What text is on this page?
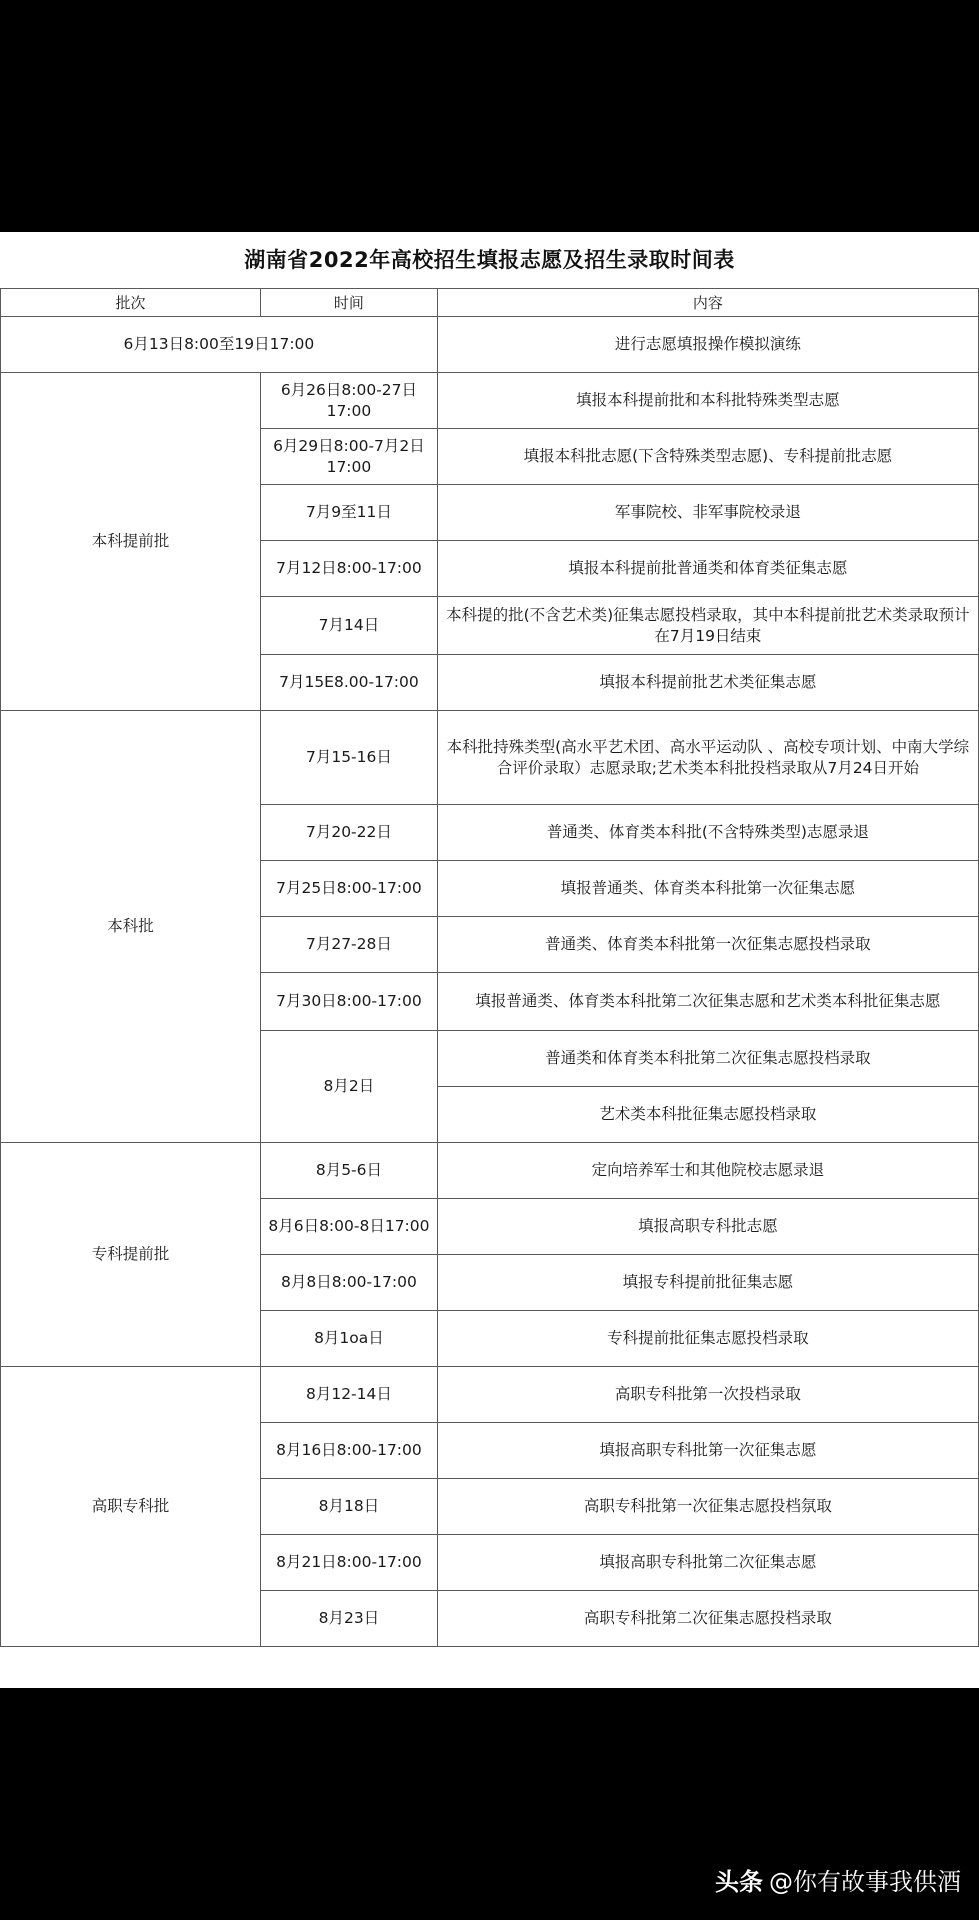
湖南省2022年高校招生填报志愿及招生录取时间表
批次	时间	内容
6月13日8:00至19日17:00		进行志愿填报操作模拟演练
本科提前批	6月26日8:00-27日17:00	填报本科提前批和本科批特殊类型志愿
	6月29日8:00-7月2日17:00	填报本科批志愿(下含特殊类型志愿)、专科提前批志愿
	7月9至11日	军事院校、非军事院校录退
	7月12日8:00-17:00	填报本科提前批普通类和体育类征集志愿
	7月14日	本科提的批(不含艺术类)征集志愿投档录取，其中本科提前批艺术类录取预计在7月19日结束
	7月15E8.00-17:00	填报本科提前批艺术类征集志愿
本科批	7月15-16日	本科批持殊类型(高水平艺术团、高水平运动队 、高校专项计划、中南大学综合评价录取）志愿录取;艺术类本科批投档录取从7月24日开始
	7月20-22日	普通类、体育类本科批(不含特殊类型)志愿录退
	7月25日8:00-17:00	填报普通类、体育类本科批第一次征集志愿
	7月27-28日	普通类、体育类本科批第一次征集志愿投档录取
	7月30日8:00-17:00	填报普通类、体育类本科批第二次征集志愿和艺术类本科批征集志愿
	8月2日	普通类和体育类本科批第二次征集志愿投档录取
		艺术类本科批征集志愿投档录取
专科提前批	8月5-6日	定向培养军士和其他院校志愿录退
	8月6日8:00-8日17:00	填报高职专科批志愿
	8月8日8:00-17:00	填报专科提前批征集志愿
	8月1oa日	专科提前批征集志愿投档录取
高职专科批	8月12-14日	高职专科批第一次投档录取
	8月16日8:00-17:00	填报高职专科批第一次征集志愿
	8月18日	高职专科批第一次征集志愿投档氛取
	8月21日8:00-17:00	填报高职专科批第二次征集志愿
	8月23日	高职专科批第二次征集志愿投档录取
头条 @你有故事我供酒
